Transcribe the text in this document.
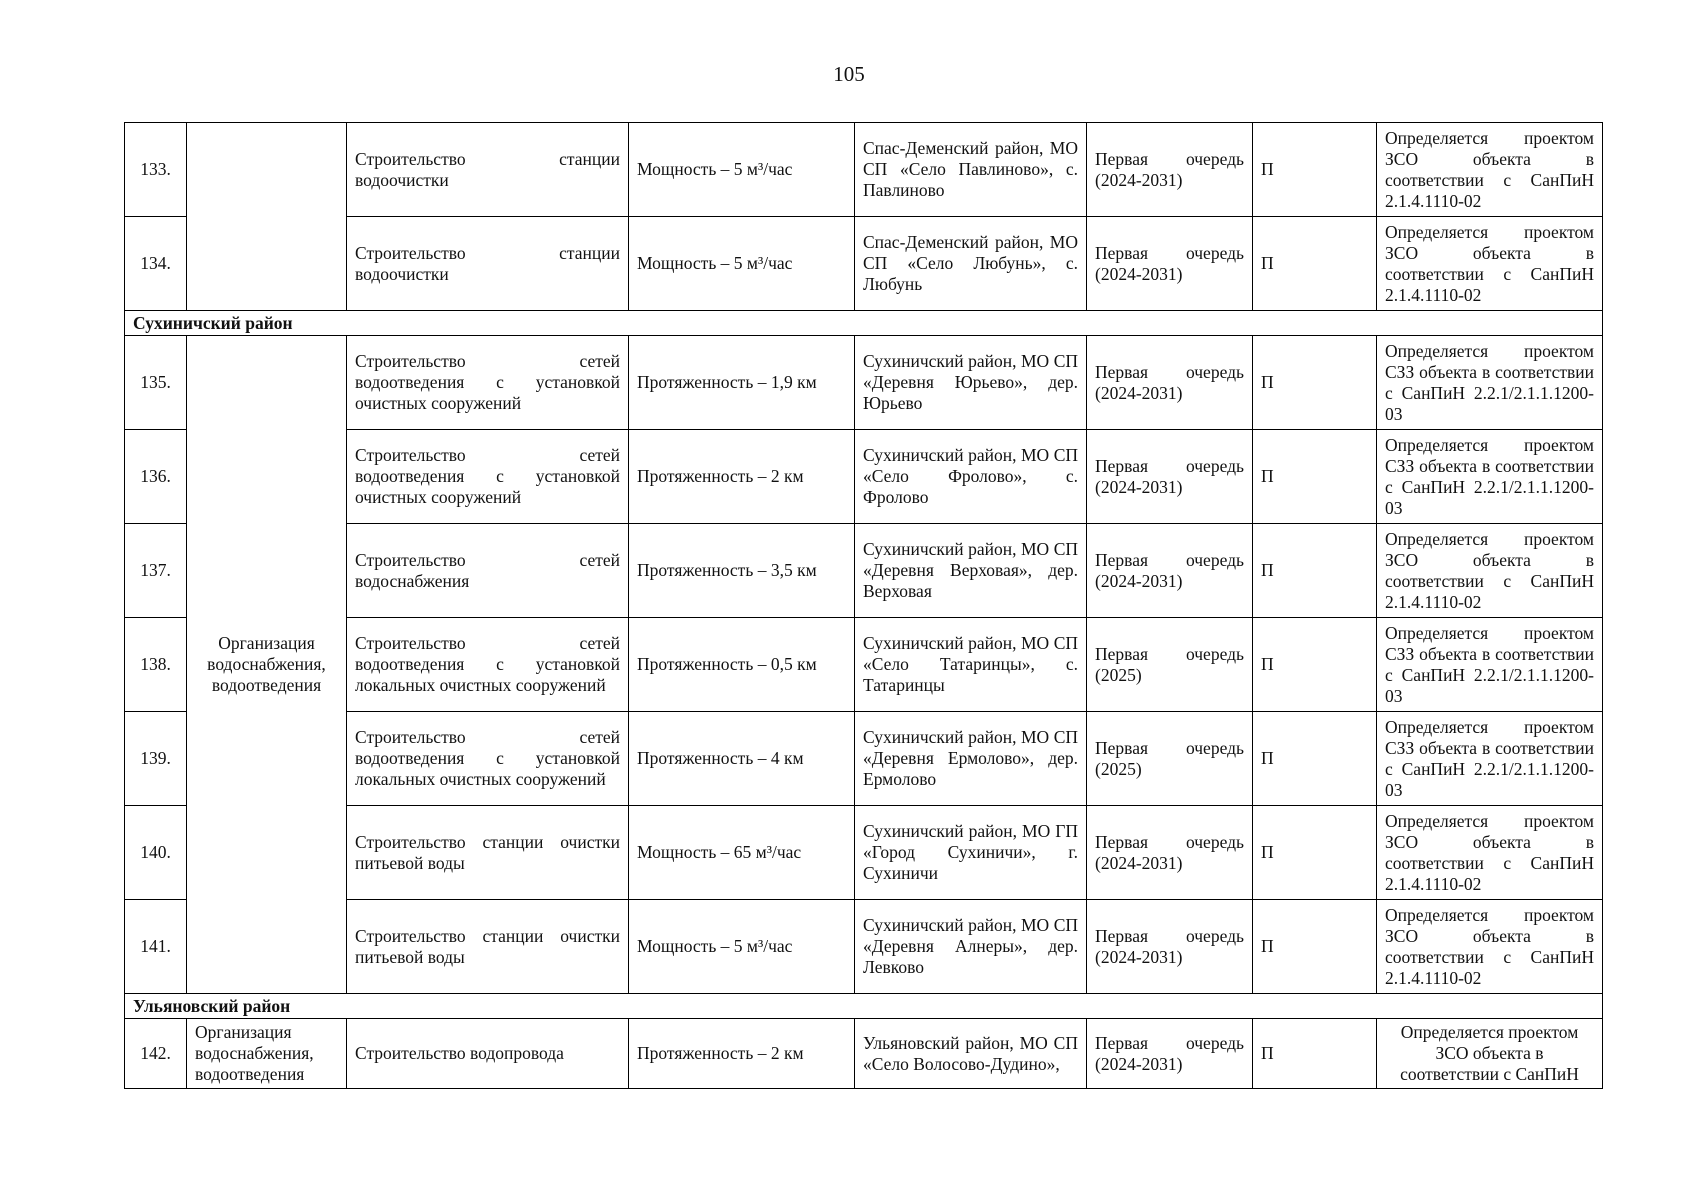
105
133.		Строительство станции водоочистки	Мощность – 5 м³/час	Спас-Деменский район, МО СП «Село Павлиново», с. Павлиново	Первая очередь (2024-2031)	П	Определяется проектом ЗСО объекта в соответствии с СанПиН 2.1.4.1110-02
134.		Строительство станции водоочистки	Мощность – 5 м³/час	Спас-Деменский район, МО СП «Село Любунь», с. Любунь	Первая очередь (2024-2031)	П	Определяется проектом ЗСО объекта в соответствии с СанПиН 2.1.4.1110-02
Сухиничский район							
135.	Организация водоснабжения, водоотведения	Строительство сетей водоотведения с установкой очистных сооружений	Протяженность – 1,9 км	Сухиничский район, МО СП «Деревня Юрьево», дер. Юрьево	Первая очередь (2024-2031)	П	Определяется проектом СЗЗ объекта в соответствии с СанПиН 2.2.1/2.1.1.1200-03
136.		Строительство сетей водоотведения с установкой очистных сооружений	Протяженность – 2 км	Сухиничский район, МО СП «Село Фролово», с. Фролово	Первая очередь (2024-2031)	П	Определяется проектом СЗЗ объекта в соответствии с СанПиН 2.2.1/2.1.1.1200-03
137.		Строительство сетей водоснабжения	Протяженность – 3,5 км	Сухиничский район, МО СП «Деревня Верховая», дер. Верховая	Первая очередь (2024-2031)	П	Определяется проектом ЗСО объекта в соответствии с СанПиН 2.1.4.1110-02
138.		Строительство сетей водоотведения с установкой локальных очистных сооружений	Протяженность – 0,5 км	Сухиничский район, МО СП «Село Татаринцы», с. Татаринцы	Первая очередь (2025)	П	Определяется проектом СЗЗ объекта в соответствии с СанПиН 2.2.1/2.1.1.1200-03
139.		Строительство сетей водоотведения с установкой локальных очистных сооружений	Протяженность – 4 км	Сухиничский район, МО СП «Деревня Ермолово», дер. Ермолово	Первая очередь (2025)	П	Определяется проектом СЗЗ объекта в соответствии с СанПиН 2.2.1/2.1.1.1200-03
140.		Строительство станции очистки питьевой воды	Мощность – 65 м³/час	Сухиничский район, МО ГП «Город Сухиничи», г. Сухиничи	Первая очередь (2024-2031)	П	Определяется проектом ЗСО объекта в соответствии с СанПиН 2.1.4.1110-02
141.		Строительство станции очистки питьевой воды	Мощность – 5 м³/час	Сухиничский район, МО СП «Деревня Алнеры», дер. Левково	Первая очередь (2024-2031)	П	Определяется проектом ЗСО объекта в соответствии с СанПиН 2.1.4.1110-02
Ульяновский район							
142.	Организация водоснабжения, водоотведения	Строительство водопровода	Протяженность – 2 км	Ульяновский район, МО СП «Село Волосово-Дудино»,	Первая очередь (2024-2031)	П	Определяется проектом ЗСО объекта в соответствии с СанПиН
